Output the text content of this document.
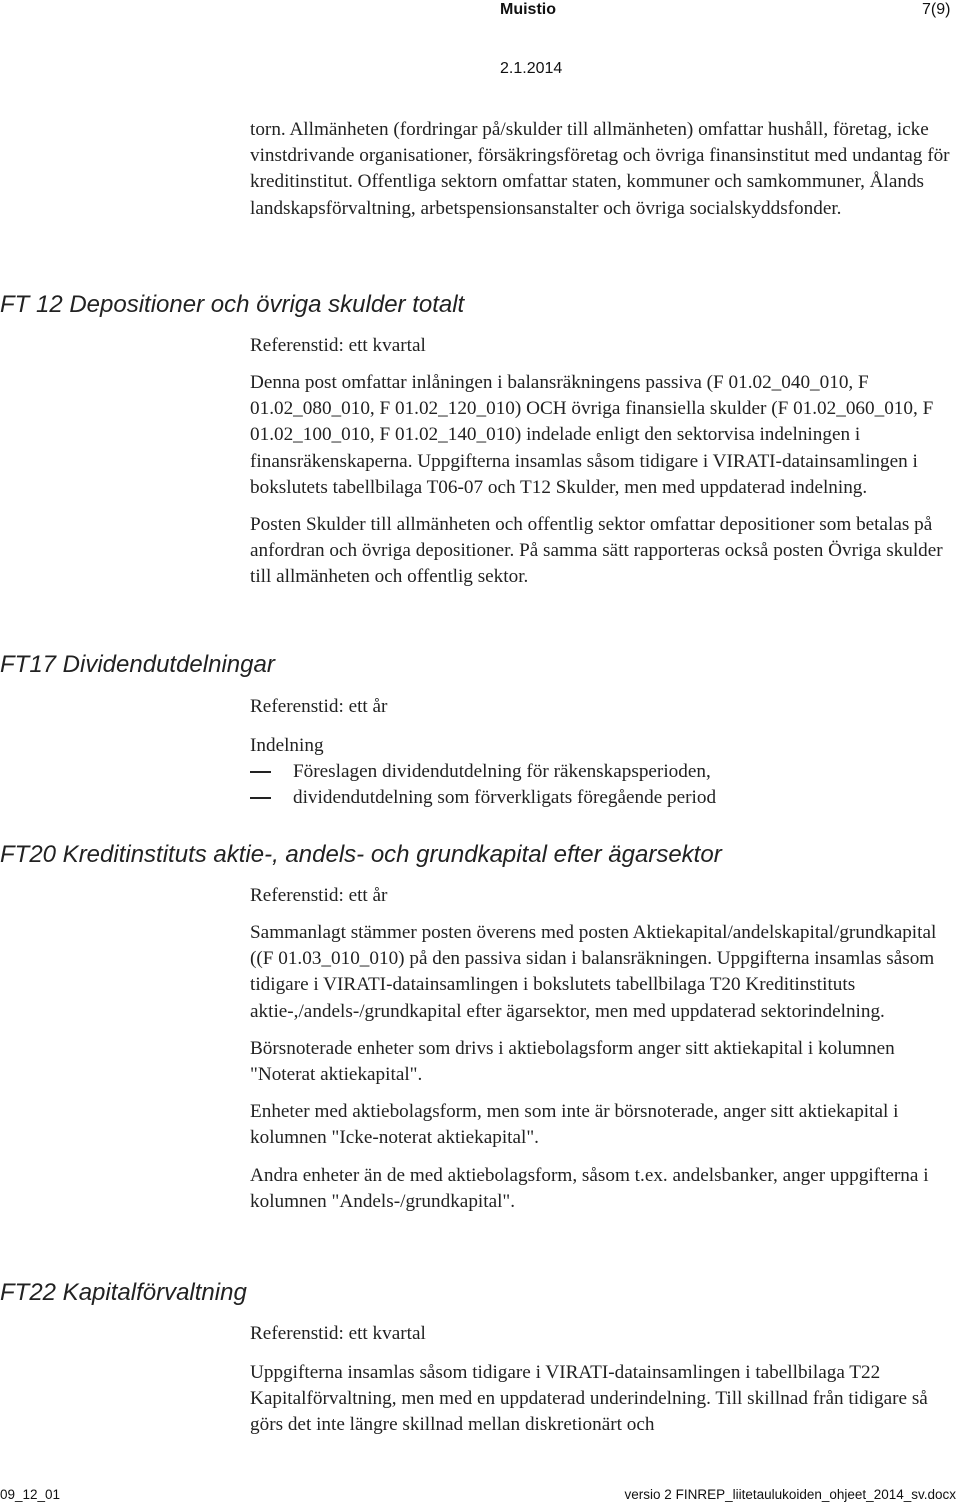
Muistio	7(9)
2.1.2014

torn. Allmänheten (fordringar på/skulder till allmänheten) omfattar hushåll, företag, icke vinstdrivande organisationer, försäkringsföretag och övriga finansinstitut med undantag för kreditinstitut. Offentliga sektorn omfattar staten, kommuner och samkommuner, Ålands landskapsförvaltning, arbetspensionsanstalter och övriga socialskyddsfonder.

FT 12 Depositioner och övriga skulder totalt
Referenstid: ett kvartal

Denna post omfattar inlåningen i balansräkningens passiva (F 01.02_040_010, F 01.02_080_010, F 01.02_120_010) OCH övriga finansiella skulder (F 01.02_060_010, F 01.02_100_010, F 01.02_140_010) indelade enligt den sektorvisa indelningen i finansräkenskaperna. Uppgifterna insamlas såsom tidigare i VIRATI-datainsamlingen i bokslutets tabellbilaga T06-07 och T12 Skulder, men med uppdaterad indelning.

Posten Skulder till allmänheten och offentlig sektor omfattar depositioner som betalas på anfordran och övriga depositioner. På samma sätt rapporteras också posten Övriga skulder till allmänheten och offentlig sektor.

FT17 Dividendutdelningar
Referenstid: ett år

Indelning

Föreslagen dividendutdelning för räkenskapsperioden,
dividendutdelning som förverkligats föregående period
FT20 Kreditinstituts aktie-, andels- och grundkapital efter ägarsektor
Referenstid: ett år

Sammanlagt stämmer posten överens med posten Aktiekapital/andelskapital/grundkapital ((F 01.03_010_010) på den passiva sidan i balansräkningen. Uppgifterna insamlas såsom tidigare i VIRATI-datainsamlingen i bokslutets tabellbilaga T20 Kreditinstituts aktie-,/andels-/grundkapital efter ägarsektor, men med uppdaterad sektorindelning.

Börsnoterade enheter som drivs i aktiebolagsform anger sitt aktiekapital i kolumnen "Noterat aktiekapital".

Enheter med aktiebolagsform, men som inte är börsnoterade, anger sitt aktiekapital i kolumnen "Icke-noterat aktiekapital".

Andra enheter än de med aktiebolagsform, såsom t.ex. andelsbanker, anger uppgifterna i kolumnen "Andels-/grundkapital".

FT22 Kapitalförvaltning
Referenstid: ett kvartal

Uppgifterna insamlas såsom tidigare i VIRATI-datainsamlingen i tabellbilaga T22 Kapitalförvaltning, men med en uppdaterad underindelning. Till skillnad från tidigare så görs det inte längre skillnad mellan diskretionärt och

09_12_01	versio 2 FINREP_liitetaulukoiden_ohjeet_2014_sv.docx
